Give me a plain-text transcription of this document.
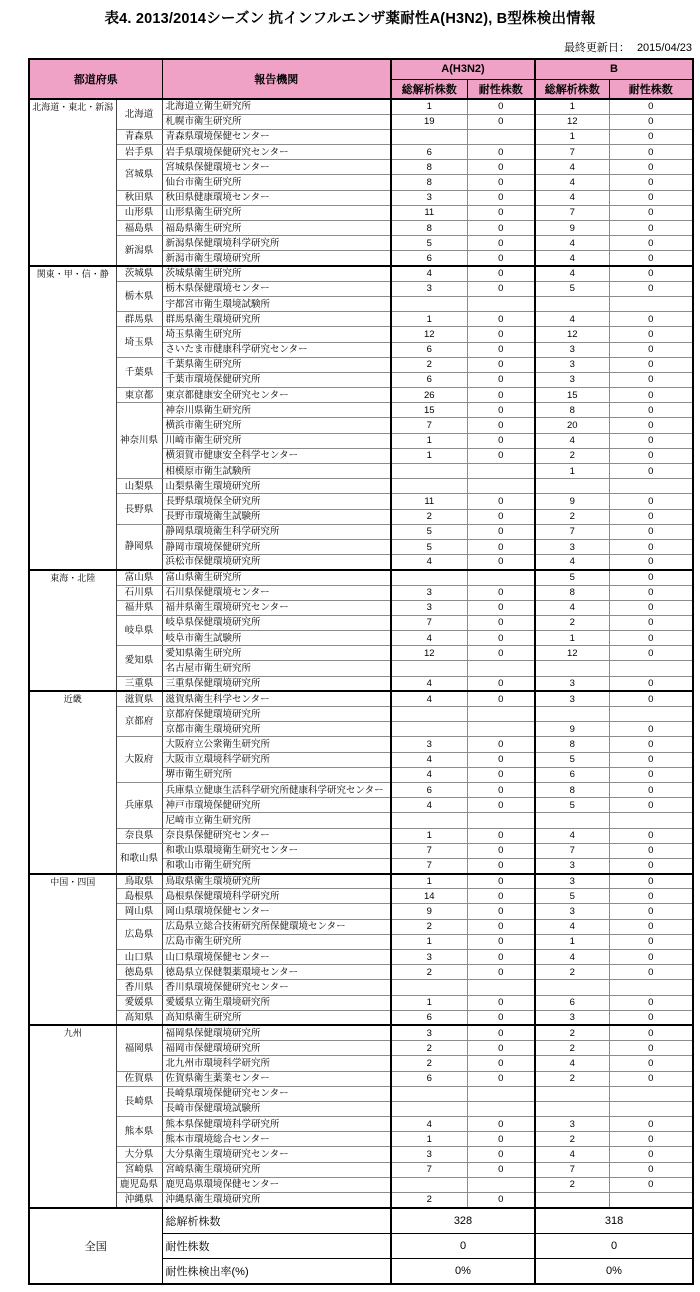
表4. 2013/2014シーズン 抗インフルエンザ薬耐性A(H3N2), B型株検出情報
最終更新日： 2015/04/23
都道府県		報告機関	A(H3N2)		B	
			総解析株数	耐性株数	総解析株数	耐性株数
北海道・東北・新潟	北海道	北海道立衛生研究所	1	0	1	0
		札幌市衛生研究所	19	0	12	0
	青森県	青森県環境保健センター			1	0
	岩手県	岩手県環境保健研究センター	6	0	7	0
	宮城県	宮城県保健環境センター	8	0	4	0
		仙台市衛生研究所	8	0	4	0
	秋田県	秋田県健康環境センター	3	0	4	0
	山形県	山形県衛生研究所	11	0	7	0
	福島県	福島県衛生研究所	8	0	9	0
	新潟県	新潟県保健環境科学研究所	5	0	4	0
		新潟市衛生環境研究所	6	0	4	0
関東・甲・信・静	茨城県	茨城県衛生研究所	4	0	4	0
	栃木県	栃木県保健環境センター	3	0	5	0
		宇都宮市衛生環境試験所				
	群馬県	群馬県衛生環境研究所	1	0	4	0
	埼玉県	埼玉県衛生研究所	12	0	12	0
		さいたま市健康科学研究センター	6	0	3	0
	千葉県	千葉県衛生研究所	2	0	3	0
		千葉市環境保健研究所	6	0	3	0
	東京都	東京都健康安全研究センター	26	0	15	0
	神奈川県	神奈川県衛生研究所	15	0	8	0
		横浜市衛生研究所	7	0	20	0
		川崎市衛生研究所	1	0	4	0
		横須賀市健康安全科学センター	1	0	2	0
		相模原市衛生試験所			1	0
	山梨県	山梨県衛生環境研究所				
	長野県	長野県環境保全研究所	11	0	9	0
		長野市環境衛生試験所	2	0	2	0
	静岡県	静岡県環境衛生科学研究所	5	0	7	0
		静岡市環境保健研究所	5	0	3	0
		浜松市保健環境研究所	4	0	4	0
東海・北陸	富山県	富山県衛生研究所			5	0
	石川県	石川県保健環境センター	3	0	8	0
	福井県	福井県衛生環境研究センター	3	0	4	0
	岐阜県	岐阜県保健環境研究所	7	0	2	0
		岐阜市衛生試験所	4	0	1	0
	愛知県	愛知県衛生研究所	12	0	12	0
		名古屋市衛生研究所				
	三重県	三重県保健環境研究所	4	0	3	0
近畿	滋賀県	滋賀県衛生科学センター	4	0	3	0
	京都府	京都府保健環境研究所				
		京都市衛生環境研究所			9	0
	大阪府	大阪府立公衆衛生研究所	3	0	8	0
		大阪市立環境科学研究所	4	0	5	0
		堺市衛生研究所	4	0	6	0
	兵庫県	兵庫県立健康生活科学研究所健康科学研究センター	6	0	8	0
		神戸市環境保健研究所	4	0	5	0
		尼崎市立衛生研究所				
	奈良県	奈良県保健研究センター	1	0	4	0
	和歌山県	和歌山県環境衛生研究センター	7	0	7	0
		和歌山市衛生研究所	7	0	3	0
中国・四国	鳥取県	鳥取県衛生環境研究所	1	0	3	0
	島根県	島根県保健環境科学研究所	14	0	5	0
	岡山県	岡山県環境保健センター	9	0	3	0
	広島県	広島県立総合技術研究所保健環境センター	2	0	4	0
		広島市衛生研究所	1	0	1	0
	山口県	山口県環境保健センター	3	0	4	0
	徳島県	徳島県立保健製薬環境センター	2	0	2	0
	香川県	香川県環境保健研究センター				
	愛媛県	愛媛県立衛生環境研究所	1	0	6	0
	高知県	高知県衛生研究所	6	0	3	0
九州	福岡県	福岡県保健環境研究所	3	0	2	0
		福岡市保健環境研究所	2	0	2	0
		北九州市環境科学研究所	2	0	4	0
	佐賀県	佐賀県衛生薬業センター	6	0	2	0
	長崎県	長崎県環境保健研究センター				
		長崎市保健環境試験所				
	熊本県	熊本県保健環境科学研究所	4	0	3	0
		熊本市環境総合センター	1	0	2	0
	大分県	大分県衛生環境研究センター	3	0	4	0
	宮崎県	宮崎県衛生環境研究所	7	0	7	0
	鹿児島県	鹿児島県環境保健センター			2	0
	沖縄県	沖縄県衛生環境研究所	2	0		
全国		総解析株数	328		318	
		耐性株数	0		0	
		耐性株検出率(%)	0%		0%	
